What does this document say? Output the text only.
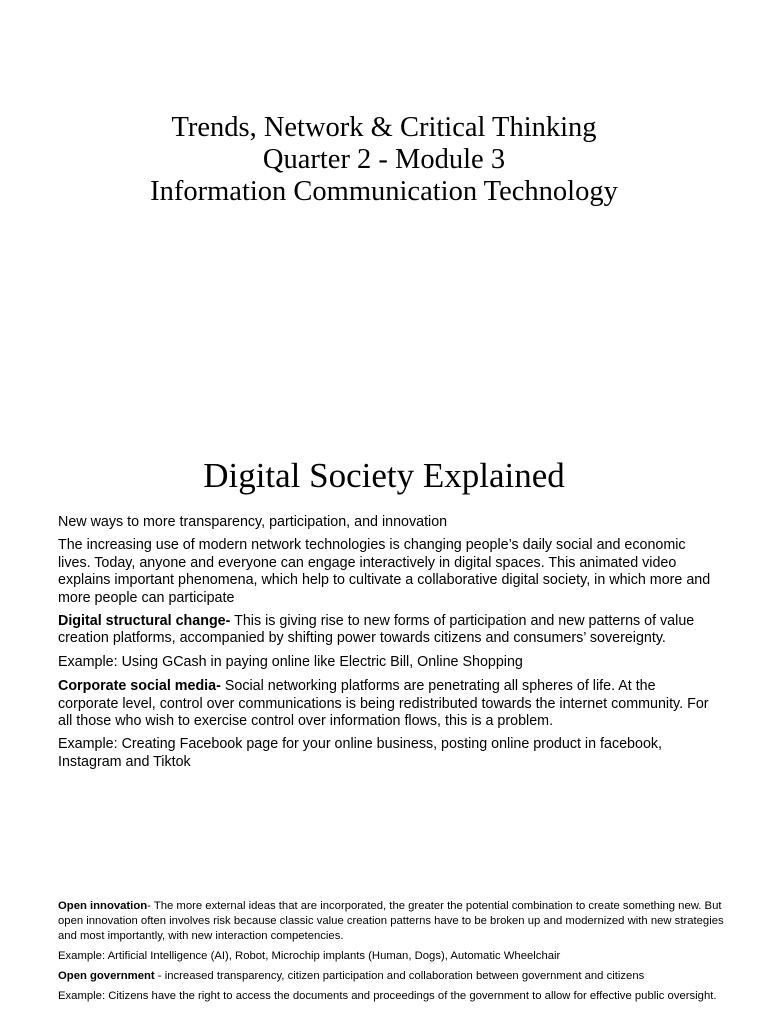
Trends, Network & Critical Thinking
Quarter 2 - Module 3
Information Communication Technology
Digital Society Explained

New ways to more transparency, participation, and innovation

The increasing use of modern network technologies is changing people’s daily social and economic lives. Today, anyone and everyone can engage interactively in digital spaces. This animated video explains important phenomena, which help to cultivate a collaborative digital society, in which more and more people can participate

Digital structural change- This is giving rise to new forms of participation and new patterns of value creation platforms, accompanied by shifting power towards citizens and consumers’ sovereignty.

Example: Using GCash in paying online like Electric Bill, Online Shopping

Corporate social media- Social networking platforms are penetrating all spheres of life. At the corporate level, control over communications is being redistributed towards the internet community. For all those who wish to exercise control over information flows, this is a problem.

Example: Creating Facebook page for your online business, posting online product in facebook, Instagram and Tiktok

Open innovation- The more external ideas that are incorporated, the greater the potential combination to create something new. But open innovation often involves risk because classic value creation patterns have to be broken up and modernized with new strategies and most importantly, with new interaction competencies.

Example: Artificial Intelligence (AI), Robot, Microchip implants (Human, Dogs), Automatic Wheelchair

Open government - increased transparency, citizen participation and collaboration between government and citizens

Example: Citizens have the right to access the documents and proceedings of the government to allow for effective public oversight.
